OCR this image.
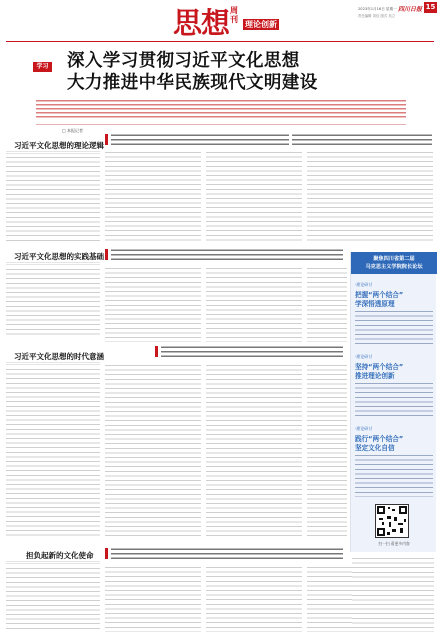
思想 周刊
理论创新
2023年1月16日 星期一
责任编辑 刘佳 版式 吴立
四川日报 15
学习 深入学习贯彻习近平文化思想
大力推进中华民族现代文明建设
□ 本报记者
习近平文化思想的理论逻辑
习近平文化思想的实践基础
习近平文化思想的时代意涵
担负起新的文化使命
聚焦四川省第二届
马克思主义学院院长论坛
·理论研讨
把握“两个结合”
学深悟透原理
·理论研讨
坚持“两个结合”
推进理论创新
·理论研讨
践行“两个结合”
坚定文化自信
扫一扫 看更多内容
